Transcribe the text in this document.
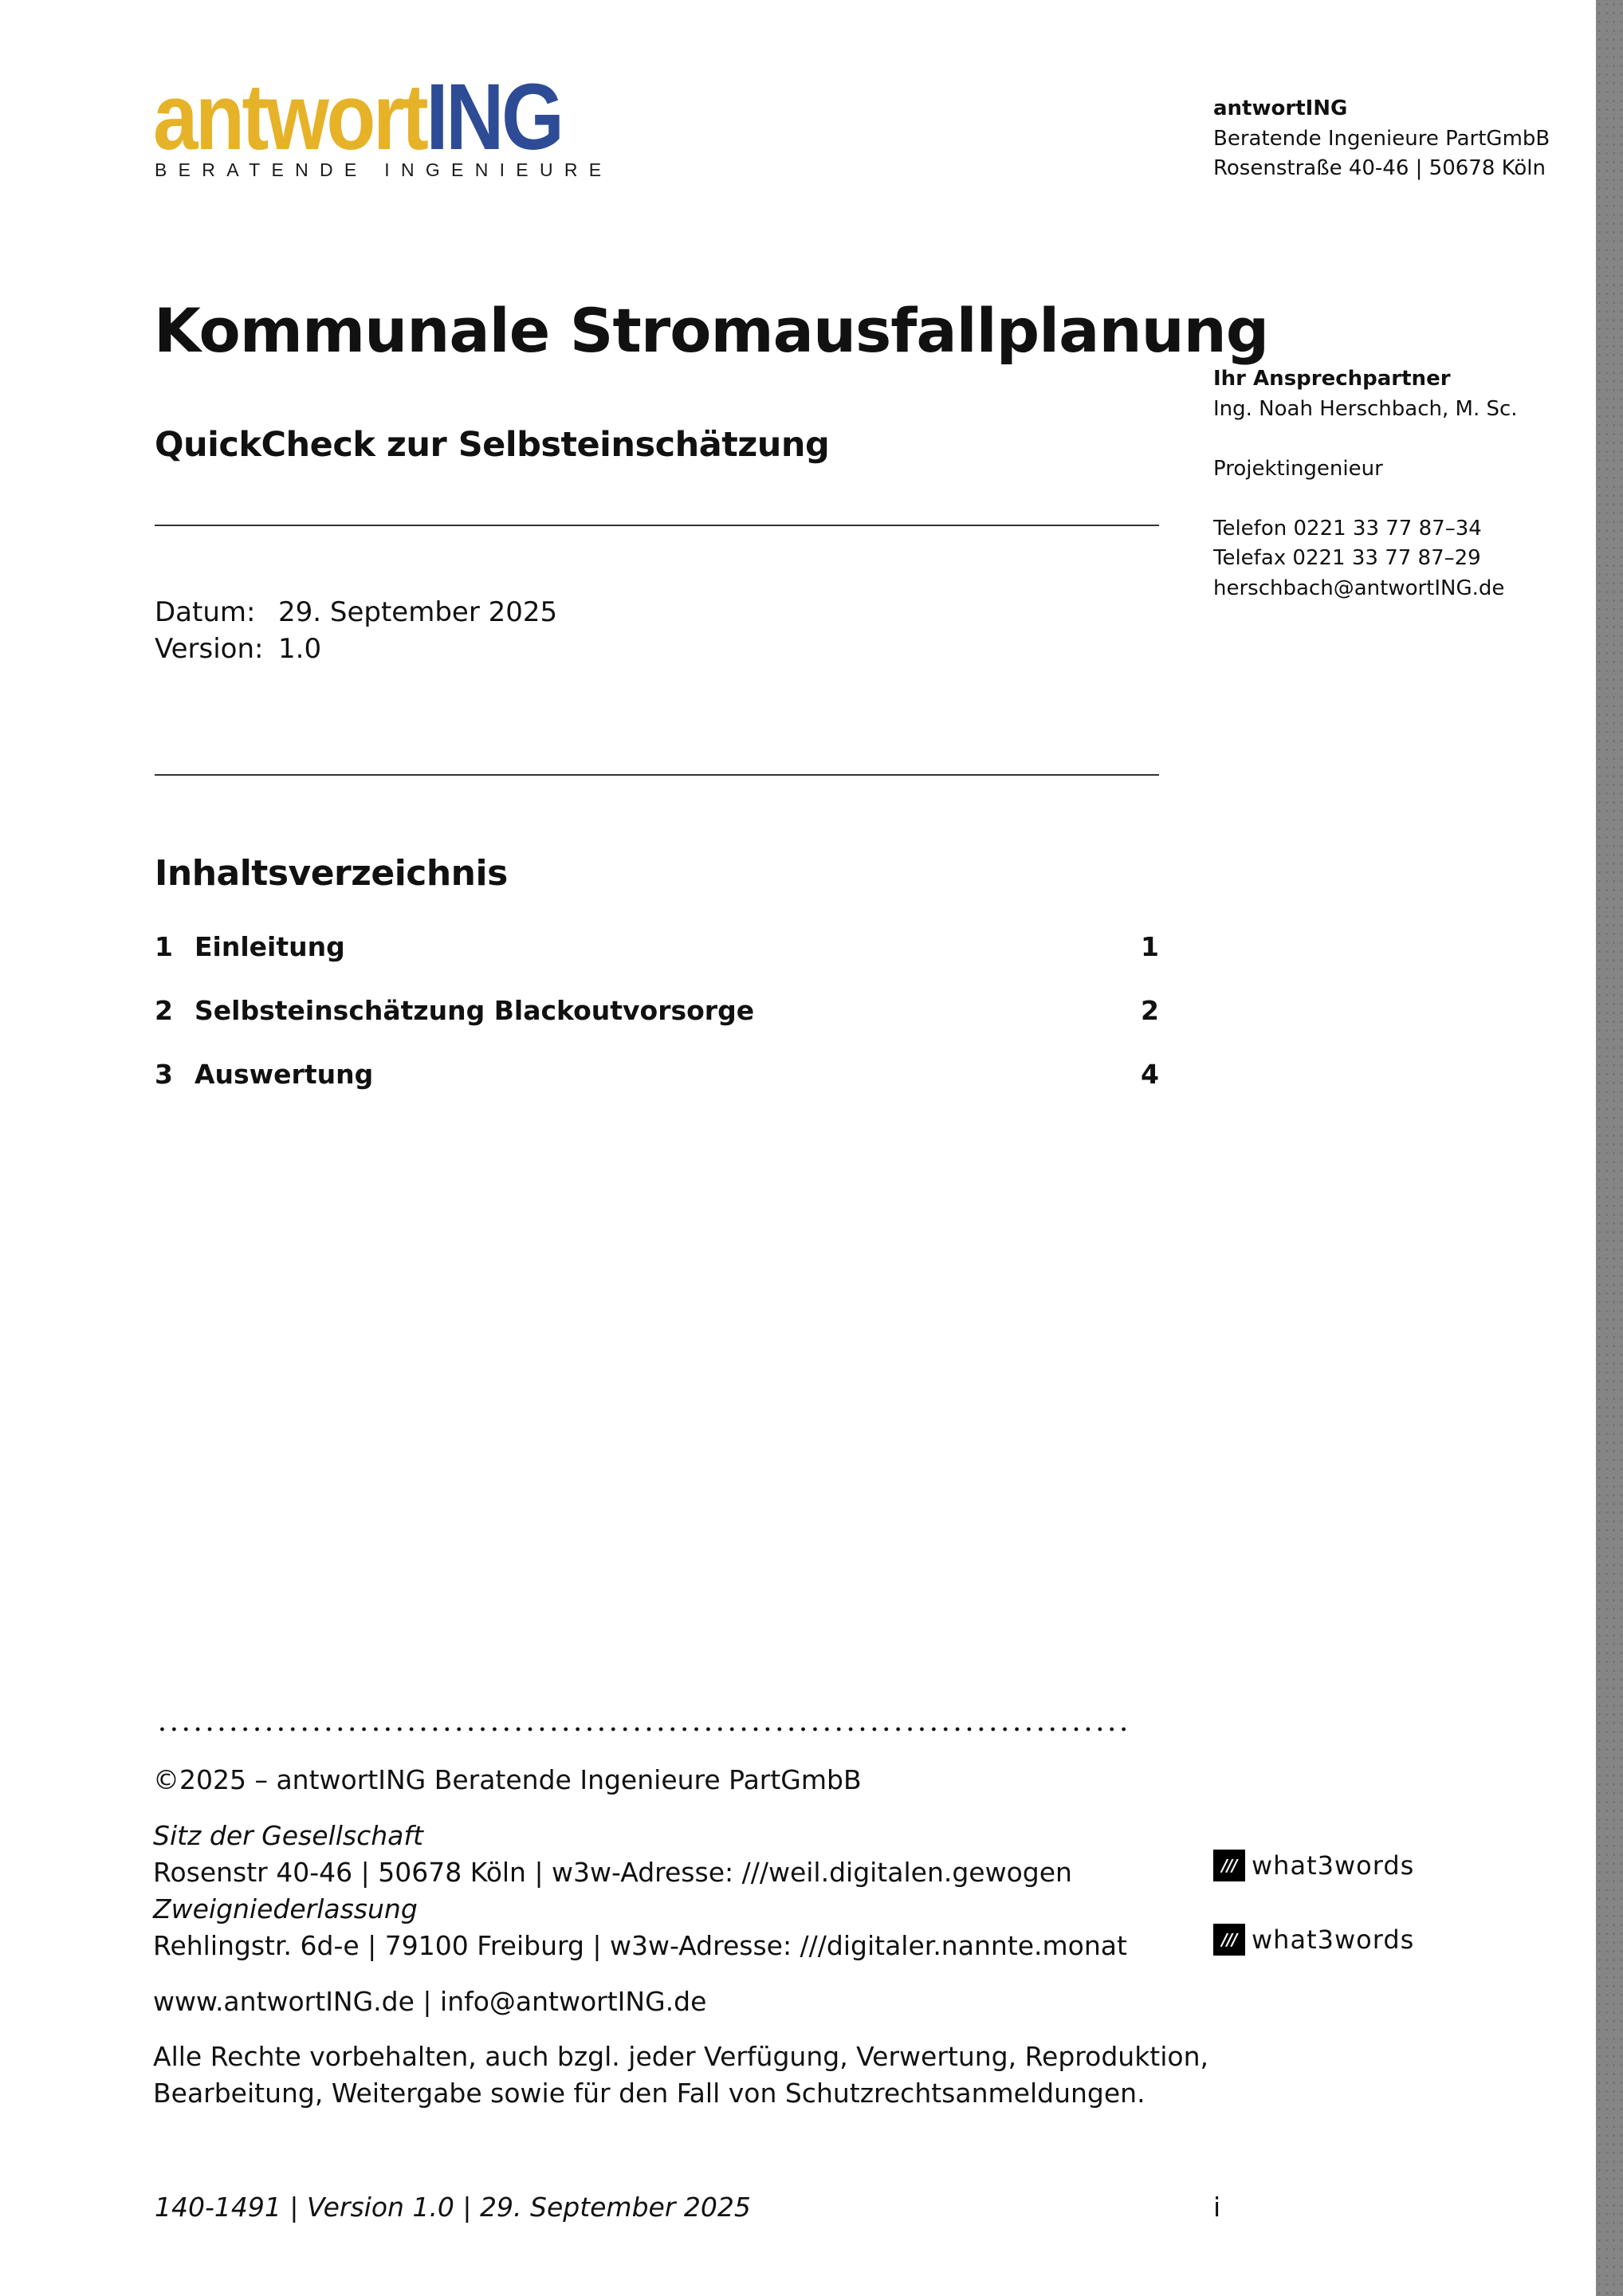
antwortING
BERATENDE INGENIEURE
antwortING
Beratende Ingenieure PartGmbB
Rosenstraße 40-46 | 50678 Köln
Ihr Ansprechpartner
Ing. Noah Herschbach, M. Sc.
Projektingenieur
Telefon 0221 33 77 87–34
Telefax 0221 33 77 87–29
herschbach@antwortING.de
Kommunale Stromausfallplanung
QuickCheck zur Selbsteinschätzung
Datum: 29. September 2025
Version: 1.0
Inhaltsverzeichnis
1 Einleitung	1
2 Selbsteinschätzung Blackoutvorsorge	2
3 Auswertung	4
©2025 – antwortING Beratende Ingenieure PartGmbB
Sitz der Gesellschaft
Rosenstr 40-46 | 50678 Köln | w3w-Adresse: ///weil.digitalen.gewogen
Zweigniederlassung
Rehlingstr. 6d-e | 79100 Freiburg | w3w-Adresse: ///digitaler.nannte.monat
www.antwortING.de | info@antwortING.de
Alle Rechte vorbehalten, auch bzgl. jeder Verfügung, Verwertung, Reproduktion,
Bearbeitung, Weitergabe sowie für den Fall von Schutzrechtsanmeldungen.
/// what3words
/// what3words
140-1491 | Version 1.0 | 29. September 2025	i
